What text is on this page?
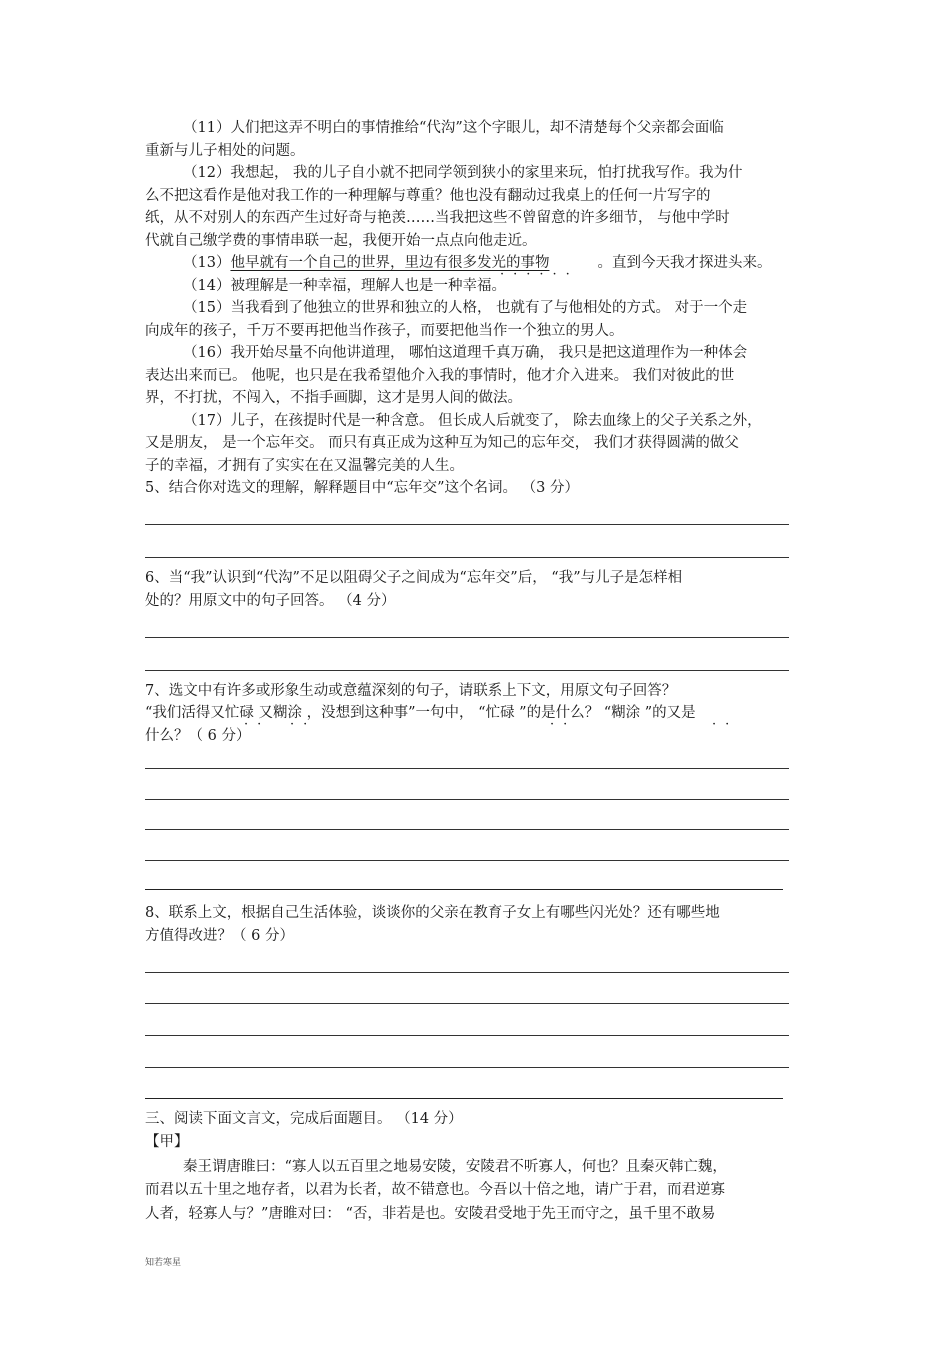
（11）人们把这弄不明白的事情推给“代沟”这个字眼儿，却不清楚每个父亲都会面临
重新与儿子相处的问题。
（12）我想起， 我的儿子自小就不把同学领到狭小的家里来玩，怕打扰我写作。我为什
么不把这看作是他对我工作的一种理解与尊重？他也没有翻动过我桌上的任何一片写字的
纸，从不对别人的东西产生过好奇与艳羡……当我把这些不曾留意的许多细节， 与他中学时
代就自己缴学费的事情串联一起，我便开始一点点向他走近。
（13）他早就有一个自己的世界，里边有很多发光的事物	。直到今天我才探进头来。
······
（14）被理解是一种幸福，理解人也是一种幸福。
（15）当我看到了他独立的世界和独立的人格， 也就有了与他相处的方式。 对于一个走
向成年的孩子，千万不要再把他当作孩子，而要把他当作一个独立的男人。
（16）我开始尽量不向他讲道理， 哪怕这道理千真万确， 我只是把这道理作为一种体会
表达出来而已。 他呢，也只是在我希望他介入我的事情时，他才介入进来。 我们对彼此的世
界，不打扰，不闯入，不指手画脚，这才是男人间的做法。
（17）儿子，在孩提时代是一种含意。 但长成人后就变了， 除去血缘上的父子关系之外，
又是朋友， 是一个忘年交。 而只有真正成为这种互为知己的忘年交， 我们才获得圆满的做父
子的幸福，才拥有了实实在在又温馨完美的人生。
5、结合你对选文的理解，解释题目中“忘年交”这个名词。 （3 分）
6、当“我”认识到“代沟”不足以阻碍父子之间成为“忘年交”后， “我”与儿子是怎样相
处的？用原文中的句子回答。 （4 分）
7、选文中有许多或形象生动或意蕴深刻的句子，请联系上下文，用原文句子回答？
“我们活得又忙碌 又糊涂 ，没想到这种事”一句中， “忙碌 ”的是什么？ “糊涂 ”的又是
·· ··	··	··
什么？（ 6 分）
8、联系上文，根据自己生活体验，谈谈你的父亲在教育子女上有哪些闪光处？还有哪些地
方值得改进？（ 6 分）
三、阅读下面文言文，完成后面题目。 （14 分）
【甲】
秦王谓唐睢曰：“寡人以五百里之地易安陵，安陵君不听寡人，何也？且秦灭韩亡魏，
而君以五十里之地存者，以君为长者，故不错意也。今吾以十倍之地，请广于君，而君逆寡
人者，轻寡人与？”唐睢对曰： “否，非若是也。安陵君受地于先王而守之，虽千里不敢易
知若寒星
